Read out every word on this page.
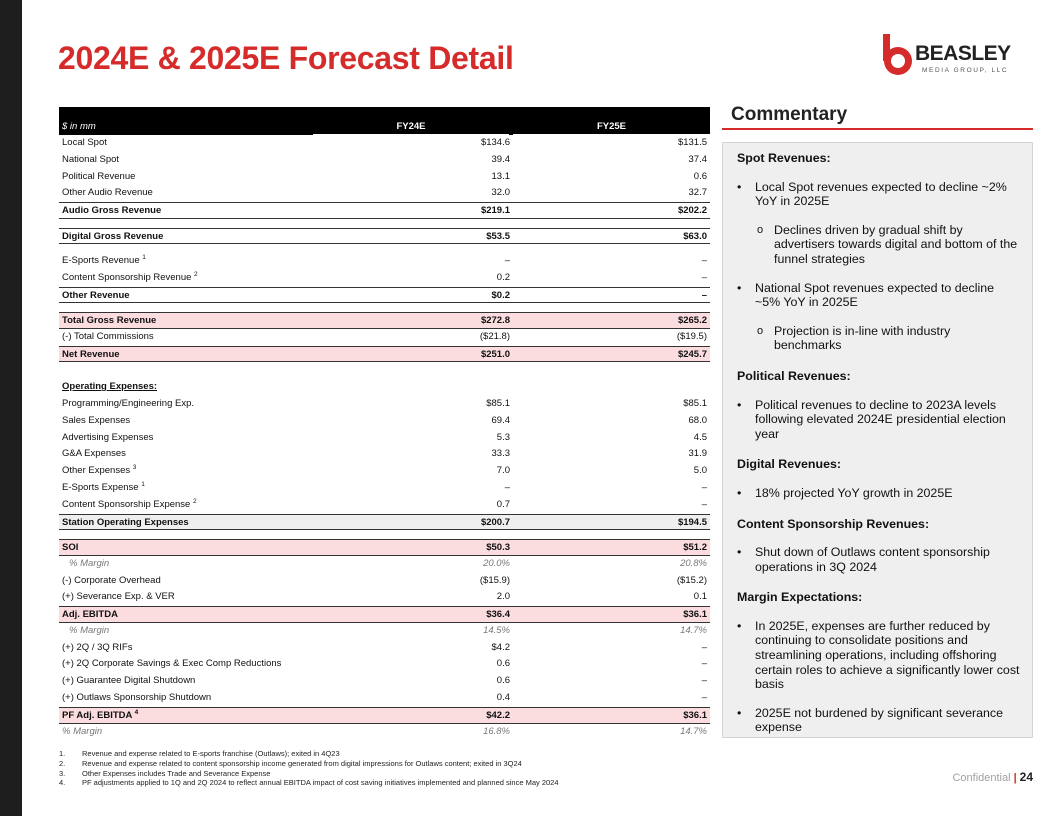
2024E & 2025E Forecast Detail	BEASLEY
MEDIA GROUP, LLC
$ in mm	FY24E	FY25E
Local Spot	$134.6	$131.5
National Spot	39.4	37.4
Political Revenue	13.1	0.6
Other Audio Revenue	32.0	32.7
Audio Gross Revenue	$219.1	$202.2
Digital Gross Revenue	$53.5	$63.0
E-Sports Revenue $^1$	–	–
Content Sponsorship Revenue $^2$	0.2	–
Other Revenue	$0.2	–
Total Gross Revenue	$272.8	$265.2
(-) Total Commissions	($21.8)	($19.5)
Net Revenue	$251.0	$245.7
Operating Expenses:
Programming/Engineering Exp.	$85.1	$85.1
Sales Expenses	69.4	68.0
Advertising Expenses	5.3	4.5
G&A Expenses	33.3	31.9
Other Expenses $^3$	7.0	5.0
E-Sports Expense $^1$	–	–
Content Sponsorship Expense $^2$	0.7	–
Station Operating Expenses	$200.7	$194.5
SOI	$50.3	$51.2
% Margin	20.0%	20.8%
(-) Corporate Overhead	($15.9)	($15.2)
(+) Severance Exp. & VER	2.0	0.1
Adj. EBITDA	$36.4	$36.1
% Margin	14.5%	14.7%
(+) 2Q / 3Q RIFs	$4.2	–
(+) 2Q Corporate Savings & Exec Comp Reductions	0.6	–
(+) Guarantee Digital Shutdown	0.6	–
(+) Outlaws Sponsorship Shutdown	0.4	–
PF Adj. EBITDA $^4$	$42.2	$36.1
% Margin	16.8%	14.7%
1. Revenue and expense related to E-sports franchise (Outlaws); exited in 4Q23
2. Revenue and expense related to content sponsorship income generated from digital impressions for Outlaws content; exited in 3Q24
3. Other Expenses includes Trade and Severance Expense
4. PF adjustments applied to 1Q and 2Q 2024 to reflect annual EBITDA impact of cost saving initiatives implemented and planned since May 2024
Commentary
Spot Revenues:
• Local Spot revenues expected to decline ~2% YoY in 2025E
o Declines driven by gradual shift by advertisers towards digital and bottom of the funnel strategies
• National Spot revenues expected to decline ~5% YoY in 2025E
o Projection is in-line with industry benchmarks
Political Revenues:
• Political revenues to decline to 2023A levels following elevated 2024E presidential election year
Digital Revenues:
• 18% projected YoY growth in 2025E
Content Sponsorship Revenues:
• Shut down of Outlaws content sponsorship operations in 3Q 2024
Margin Expectations:
• In 2025E, expenses are further reduced by continuing to consolidate positions and streamlining operations, including offshoring certain roles to achieve a significantly lower cost basis
• 2025E not burdened by significant severance expense
Confidential | 24
